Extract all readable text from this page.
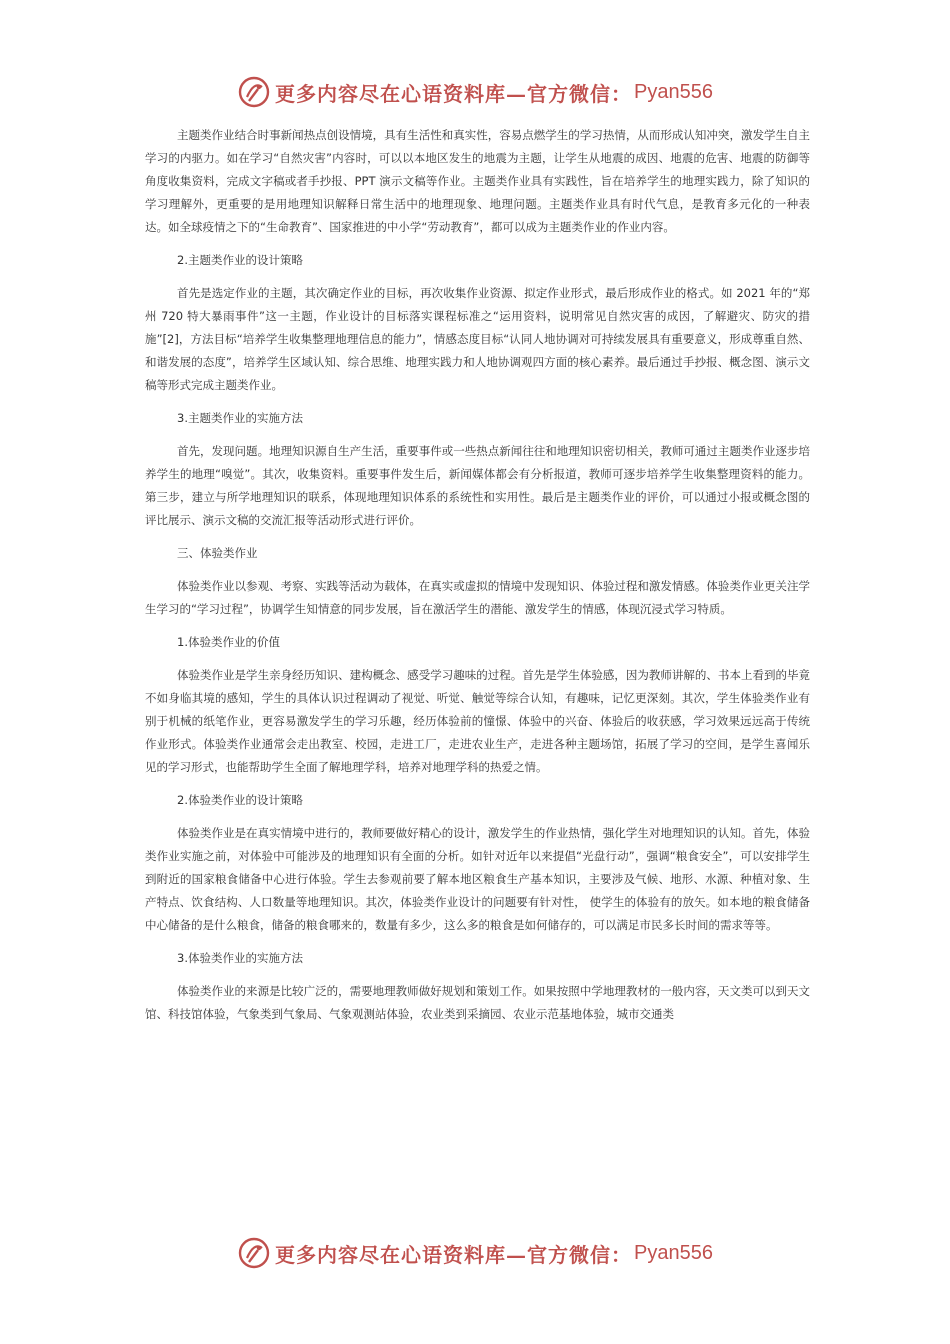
更多内容尽在心语资料库—官方微信： Pyan556

主题类作业结合时事新闻热点创设情境，具有生活性和真实性，容易点燃学生的学习热情，从而形成认知冲突，激发学生自主学习的内驱力。如在学习“自然灾害”内容时，可以以本地区发生的地震为主题，让学生从地震的成因、地震的危害、地震的防御等角度收集资料，完成文字稿或者手抄报、PPT 演示文稿等作业。主题类作业具有实践性，旨在培养学生的地理实践力，除了知识的学习理解外，更重要的是用地理知识解释日常生活中的地理现象、地理问题。主题类作业具有时代气息，是教育多元化的一种表达。如全球疫情之下的“生命教育”、国家推进的中小学“劳动教育”，都可以成为主题类作业的作业内容。

2.主题类作业的设计策略

首先是选定作业的主题，其次确定作业的目标，再次收集作业资源、拟定作业形式，最后形成作业的格式。如 2021 年的“郑州 720 特大暴雨事件”这一主题，作业设计的目标落实课程标准之“运用资料，说明常见自然灾害的成因，了解避灾、防灾的措施”[2]，方法目标“培养学生收集整理地理信息的能力”，情感态度目标“认同人地协调对可持续发展具有重要意义，形成尊重自然、和谐发展的态度”，培养学生区域认知、综合思维、地理实践力和人地协调观四方面的核心素养。最后通过手抄报、概念图、演示文稿等形式完成主题类作业。

3.主题类作业的实施方法

首先，发现问题。地理知识源自生产生活，重要事件或一些热点新闻往往和地理知识密切相关，教师可通过主题类作业逐步培养学生的地理“嗅觉”。其次，收集资料。重要事件发生后，新闻媒体都会有分析报道，教师可逐步培养学生收集整理资料的能力。第三步，建立与所学地理知识的联系，体现地理知识体系的系统性和实用性。最后是主题类作业的评价，可以通过小报或概念图的评比展示、演示文稿的交流汇报等活动形式进行评价。

三、体验类作业

体验类作业以参观、考察、实践等活动为载体，在真实或虚拟的情境中发现知识、体验过程和激发情感。体验类作业更关注学生学习的“学习过程”，协调学生知情意的同步发展，旨在激活学生的潜能、激发学生的情感，体现沉浸式学习特质。

1.体验类作业的价值

体验类作业是学生亲身经历知识、建构概念、感受学习趣味的过程。首先是学生体验感，因为教师讲解的、书本上看到的毕竟不如身临其境的感知，学生的具体认识过程调动了视觉、听觉、触觉等综合认知，有趣味，记忆更深刻。其次，学生体验类作业有别于机械的纸笔作业，更容易激发学生的学习乐趣，经历体验前的憧憬、体验中的兴奋、体验后的收获感，学习效果远远高于传统作业形式。体验类作业通常会走出教室、校园，走进工厂，走进农业生产，走进各种主题场馆，拓展了学习的空间，是学生喜闻乐见的学习形式，也能帮助学生全面了解地理学科，培养对地理学科的热爱之情。

2.体验类作业的设计策略

体验类作业是在真实情境中进行的，教师要做好精心的设计，激发学生的作业热情，强化学生对地理知识的认知。首先，体验类作业实施之前，对体验中可能涉及的地理知识有全面的分析。如针对近年以来提倡“光盘行动”，强调“粮食安全”，可以安排学生到附近的国家粮食储备中心进行体验。学生去参观前要了解本地区粮食生产基本知识，主要涉及气候、地形、水源、种植对象、生产特点、饮食结构、人口数量等地理知识。其次，体验类作业设计的问题要有针对性， 使学生的体验有的放矢。如本地的粮食储备中心储备的是什么粮食，储备的粮食哪来的，数量有多少，这么多的粮食是如何储存的，可以满足市民多长时间的需求等等。

3.体验类作业的实施方法

体验类作业的来源是比较广泛的，需要地理教师做好规划和策划工作。如果按照中学地理教材的一般内容，天文类可以到天文馆、科技馆体验，气象类到气象局、气象观测站体验，农业类到采摘园、农业示范基地体验，城市交通类

更多内容尽在心语资料库—官方微信： Pyan556
